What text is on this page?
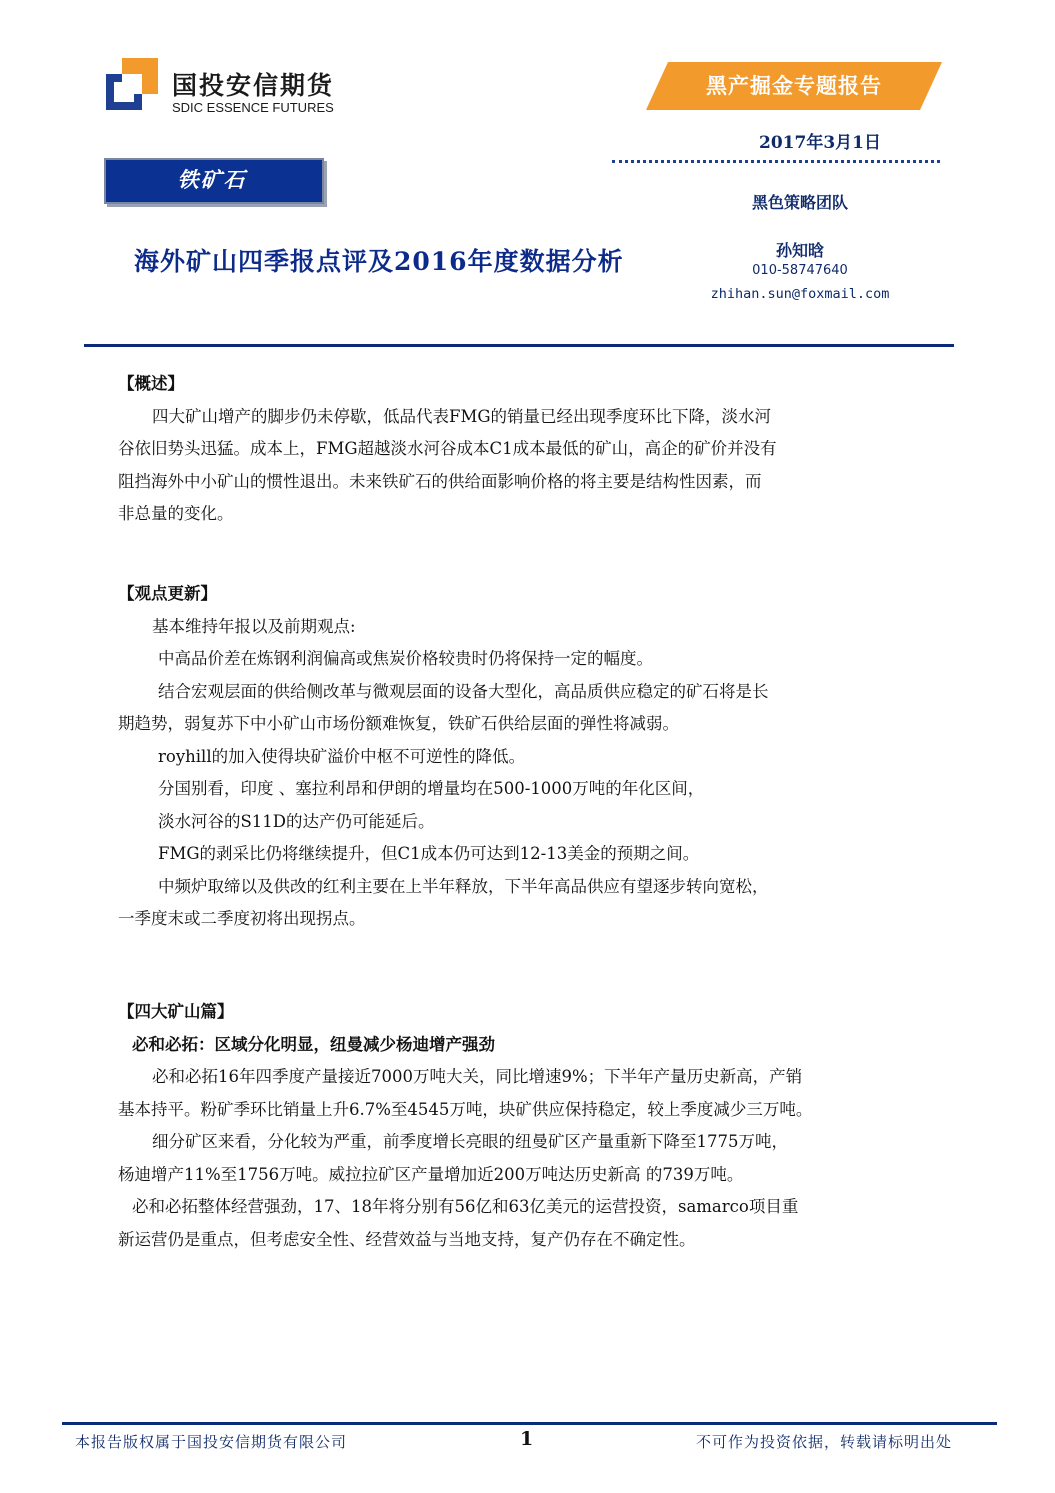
国投安信期货
SDIC ESSENCE FUTURES
黑产掘金专题报告
2017年3月1日
铁矿石
黑色策略团队
海外矿山四季报点评及2016年度数据分析	孙知晗
010-58747640
zhihan.sun@foxmail.com

【概述】

四大矿山增产的脚步仍未停歇，低品代表FMG的销量已经出现季度环比下降，淡水河

谷依旧势头迅猛。成本上，FMG超越淡水河谷成本C1成本最低的矿山，高企的矿价并没有

阻挡海外中小矿山的惯性退出。未来铁矿石的供给面影响价格的将主要是结构性因素，而

非总量的变化。

【观点更新】

基本维持年报以及前期观点:

中高品价差在炼钢利润偏高或焦炭价格较贵时仍将保持一定的幅度。

结合宏观层面的供给侧改革与微观层面的设备大型化，高品质供应稳定的矿石将是长

期趋势，弱复苏下中小矿山市场份额难恢复，铁矿石供给层面的弹性将减弱。

royhill的加入使得块矿溢价中枢不可逆性的降低。

分国别看，印度 、塞拉利昂和伊朗的增量均在500-1000万吨的年化区间，

淡水河谷的S11D的达产仍可能延后。

FMG的剥采比仍将继续提升，但C1成本仍可达到12-13美金的预期之间。

中频炉取缔以及供改的红利主要在上半年释放，下半年高品供应有望逐步转向宽松，

一季度末或二季度初将出现拐点。

【四大矿山篇】

必和必拓：区域分化明显，纽曼减少杨迪增产强劲

必和必拓16年四季度产量接近7000万吨大关，同比增速9%；下半年产量历史新高，产销

基本持平。粉矿季环比销量上升6.7%至4545万吨，块矿供应保持稳定，较上季度减少三万吨。

细分矿区来看，分化较为严重，前季度增长亮眼的纽曼矿区产量重新下降至1775万吨，

杨迪增产11%至1756万吨。威拉拉矿区产量增加近200万吨达历史新高 的739万吨。

必和必拓整体经营强劲，17、18年将分别有56亿和63亿美元的运营投资，samarco项目重

新运营仍是重点，但考虑安全性、经营效益与当地支持，复产仍存在不确定性。

本报告版权属于国投安信期货有限公司	1	不可作为投资依据，转载请标明出处
